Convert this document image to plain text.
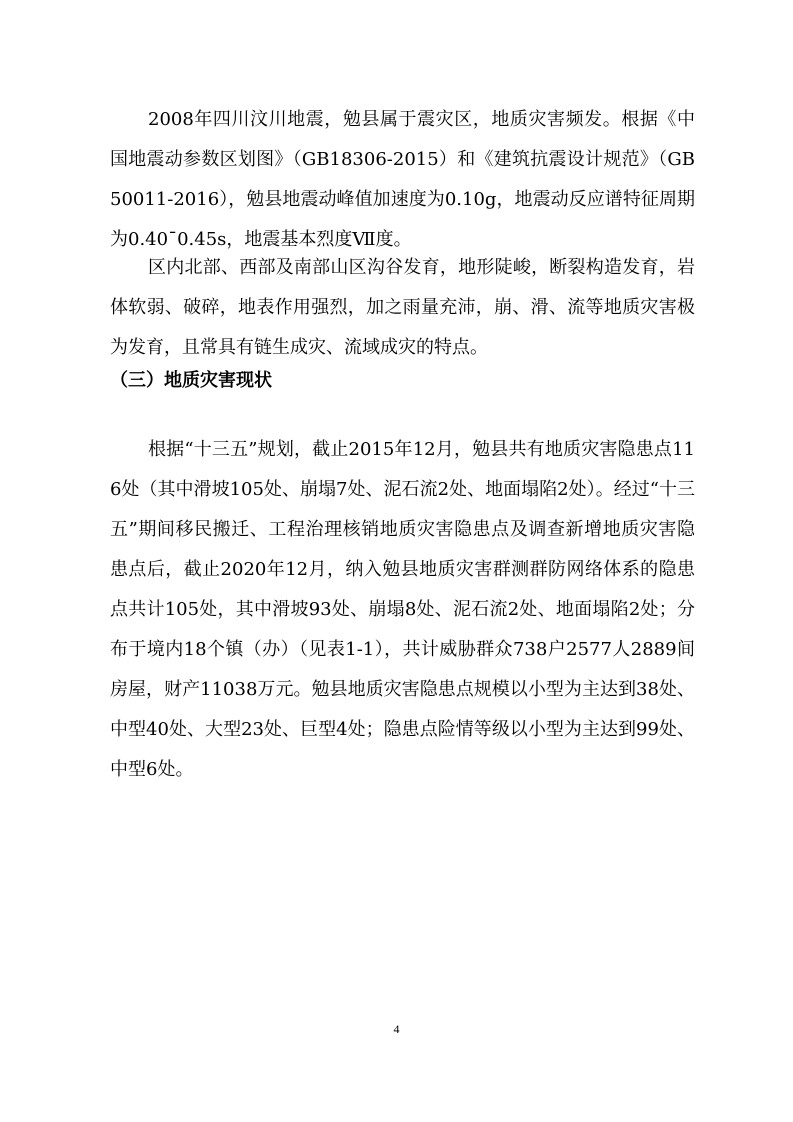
2008年四川汶川地震，勉县属于震灾区，地质灾害频发。根据《中国地震动参数区划图》（GB18306-2015）和《建筑抗震设计规范》（GB50011-2016），勉县地震动峰值加速度为0.10g，地震动反应谱特征周期为0.40¯0.45s，地震基本烈度Ⅶ度。

区内北部、西部及南部山区沟谷发育，地形陡峻，断裂构造发育，岩体软弱、破碎，地表作用强烈，加之雨量充沛，崩、滑、流等地质灾害极为发育，且常具有链生成灾、流域成灾的特点。

（三）地质灾害现状

根据“十三五”规划，截止2015年12月，勉县共有地质灾害隐患点116处（其中滑坡105处、崩塌7处、泥石流2处、地面塌陷2处）。经过“十三五”期间移民搬迁、工程治理核销地质灾害隐患点及调查新增地质灾害隐患点后，截止2020年12月，纳入勉县地质灾害群测群防网络体系的隐患点共计105处，其中滑坡93处、崩塌8处、泥石流2处、地面塌陷2处；分布于境内18个镇（办）（见表1-1），共计威胁群众738户2577人2889间房屋，财产11038万元。勉县地质灾害隐患点规模以小型为主达到38处、中型40处、大型23处、巨型4处；隐患点险情等级以小型为主达到99处、中型6处。

4
